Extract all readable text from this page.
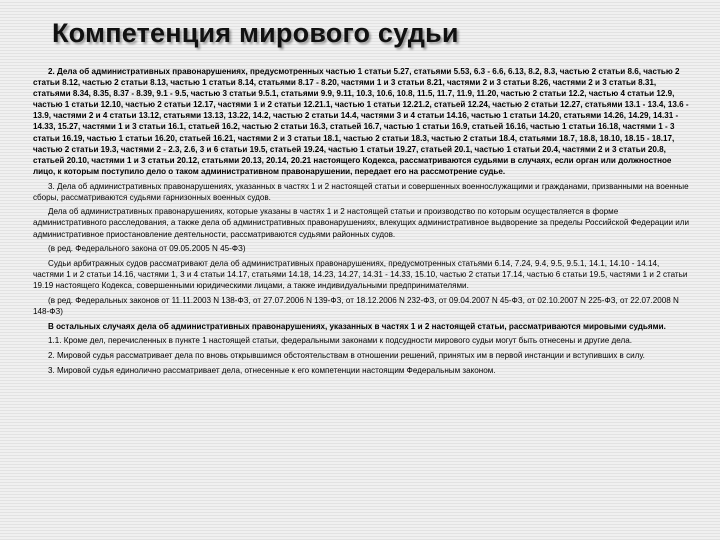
Компетенция мирового судьи

2. Дела об административных правонарушениях, предусмотренных частью 1 статьи 5.27, статьями 5.53, 6.3 - 6.6, 6.13, 8.2, 8.3, частью 2 статьи 8.6, частью 2 статьи 8.12, частью 2 статьи 8.13, частью 1 статьи 8.14, статьями 8.17 - 8.20, частями 1 и 3 статьи 8.21, частями 2 и 3 статьи 8.26, частями 2 и 3 статьи 8.31, статьями 8.34, 8.35, 8.37 - 8.39, 9.1 - 9.5, частью 3 статьи 9.5.1, статьями 9.9, 9.11, 10.3, 10.6, 10.8, 11.5, 11.7, 11.9, 11.20, частью 2 статьи 12.2, частью 4 статьи 12.9, частью 1 статьи 12.10, частью 2 статьи 12.17, частями 1 и 2 статьи 12.21.1, частью 1 статьи 12.21.2, статьей 12.24, частью 2 статьи 12.27, статьями 13.1 - 13.4, 13.6 - 13.9, частями 2 и 4 статьи 13.12, статьями 13.13, 13.22, 14.2, частью 2 статьи 14.4, частями 3 и 4 статьи 14.16, частью 1 статьи 14.20, статьями 14.26, 14.29, 14.31 - 14.33, 15.27, частями 1 и 3 статьи 16.1, статьей 16.2, частью 2 статьи 16.3, статьей 16.7, частью 1 статьи 16.9, статьей 16.16, частью 1 статьи 16.18, частями 1 - 3 статьи 16.19, частью 1 статьи 16.20, статьей 16.21, частями 2 и 3 статьи 18.1, частью 2 статьи 18.3, частью 2 статьи 18.4, статьями 18.7, 18.8, 18.10, 18.15 - 18.17, частью 2 статьи 19.3, частями 2 - 2.3, 2.6, 3 и 6 статьи 19.5, статьей 19.24, частью 1 статьи 19.27, статьей 20.1, частью 1 статьи 20.4, частями 2 и 3 статьи 20.8, статьей 20.10, частями 1 и 3 статьи 20.12, статьями 20.13, 20.14, 20.21 настоящего Кодекса, рассматриваются судьями в случаях, если орган или должностное лицо, к которым поступило дело о таком административном правонарушении, передает его на рассмотрение судье.

3. Дела об административных правонарушениях, указанных в частях 1 и 2 настоящей статьи и совершенных военнослужащими и гражданами, призванными на военные сборы, рассматриваются судьями гарнизонных военных судов.

Дела об административных правонарушениях, которые указаны в частях 1 и 2 настоящей статьи и производство по которым осуществляется в форме административного расследования, а также дела об административных правонарушениях, влекущих административное выдворение за пределы Российской Федерации или административное приостановление деятельности, рассматриваются судьями районных судов.

(в ред. Федерального закона от 09.05.2005 N 45-ФЗ)

Судьи арбитражных судов рассматривают дела об административных правонарушениях, предусмотренных статьями 6.14, 7.24, 9.4, 9.5, 9.5.1, 14.1, 14.10 - 14.14, частями 1 и 2 статьи 14.16, частями 1, 3 и 4 статьи 14.17, статьями 14.18, 14.23, 14.27, 14.31 - 14.33, 15.10, частью 2 статьи 17.14, частью 6 статьи 19.5, частями 1 и 2 статьи 19.19 настоящего Кодекса, совершенными юридическими лицами, а также индивидуальными предпринимателями.

(в ред. Федеральных законов от 11.11.2003 N 138-ФЗ, от 27.07.2006 N 139-ФЗ, от 18.12.2006 N 232-ФЗ, от 09.04.2007 N 45-ФЗ, от 02.10.2007 N 225-ФЗ, от 22.07.2008 N 148-ФЗ)

В остальных случаях дела об административных правонарушениях, указанных в частях 1 и 2 настоящей статьи, рассматриваются мировыми судьями.

1.1. Кроме дел, перечисленных в пункте 1 настоящей статьи, федеральными законами к подсудности мирового судьи могут быть отнесены и другие дела.

2. Мировой судья рассматривает дела по вновь открывшимся обстоятельствам в отношении решений, принятых им в первой инстанции и вступивших в силу.

3. Мировой судья единолично рассматривает дела, отнесенные к его компетенции настоящим Федеральным законом.
